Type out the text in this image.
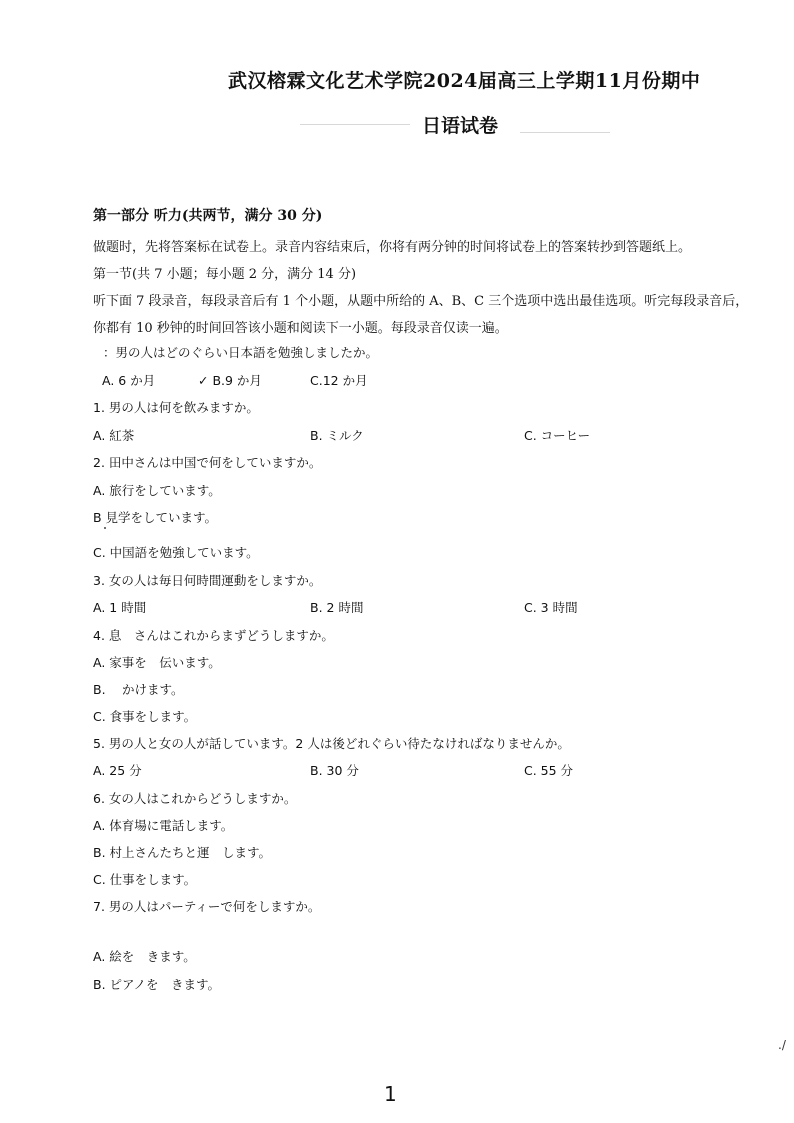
武汉榕霖文化艺术学院2024届高三上学期11月份期中
日语试卷
第一部分 听力(共两节，满分 30 分)
做题时，先将答案标在试卷上。录音内容结束后，你将有两分钟的时间将试卷上的答案转抄到答题纸上。
第一节(共 7 小题；每小题 2 分，满分 14 分)
听下面 7 段录音，每段录音后有 1 个小题，从题中所给的 A、B、C 三个选项中选出最佳选项。听完每段录音后，
你都有 10 秒钟的时间回答该小题和阅读下一小题。每段录音仅读一遍。
：男の人はどのぐらい日本語を勉強しましたか。
A. 6 か月	✓ B.9 か月	C.12 か月
1. 男の人は何を飲みますか。
A. 紅茶	B. ミルク	C. コーヒー
2. 田中さんは中国で何をしていますか。
A. 旅行をしています。
B 見学をしています。
C. 中国語を勉強しています。
3. 女の人は毎日何時間運動をしますか。
A. 1 時間	B. 2 時間	C. 3 時間
4. 息　さんはこれからまずどうしますか。
A. 家事を　伝います。
B.　 かけます。
C. 食事をします。
5. 男の人と女の人が話しています。2 人は後どれぐらい待たなければなりませんか。
A. 25 分	B. 30 分	C. 55 分
6. 女の人はこれからどうしますか。
A. 体育場に電話します。
B. 村上さんたちと運　します。
C. 仕事をします。
7. 男の人はパーティーで何をしますか。
A. 絵を　きます。
B. ピアノを　きます。
./
1
